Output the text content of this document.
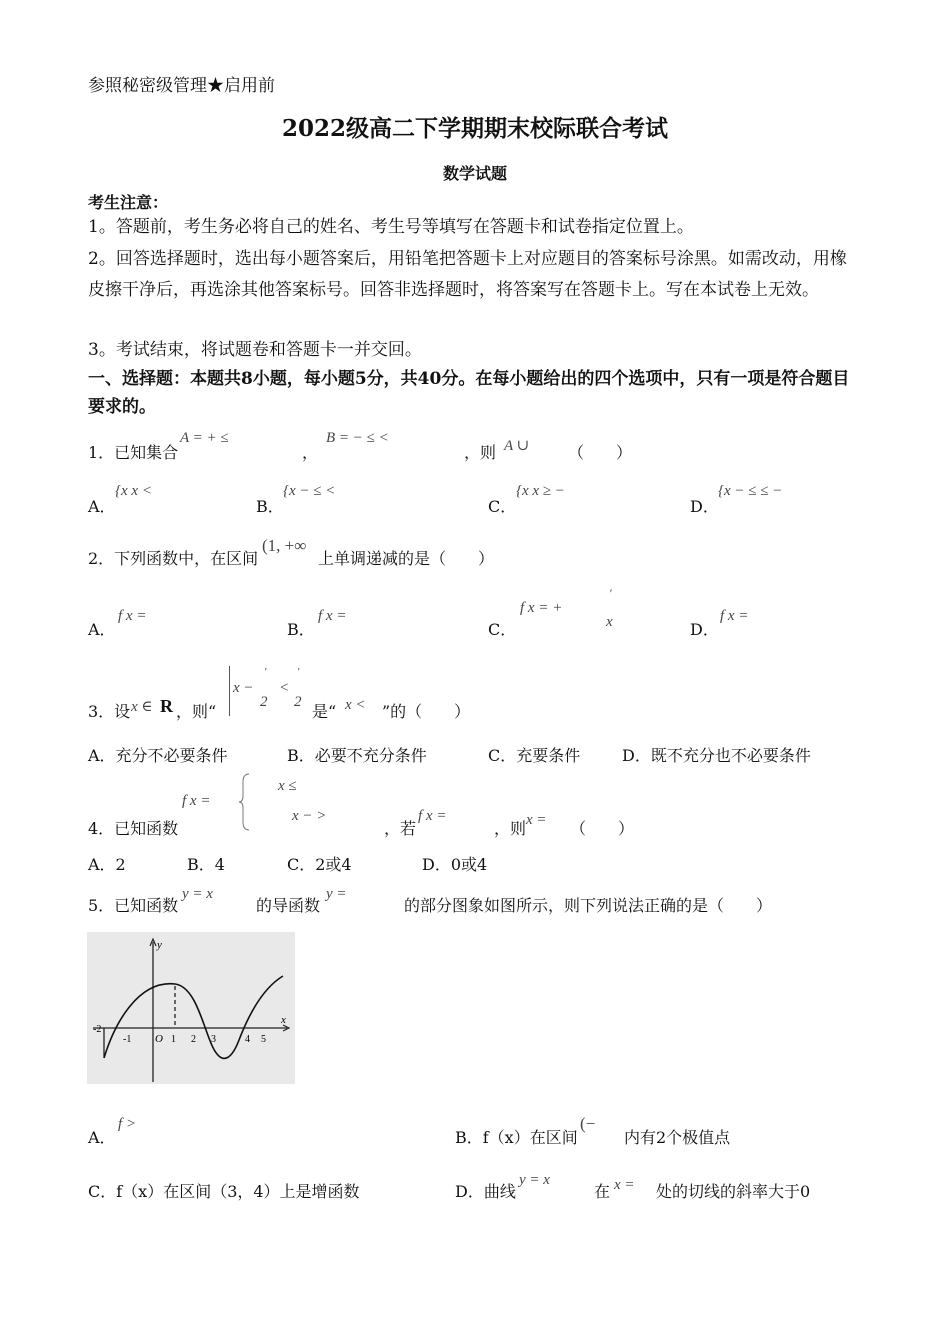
参照秘密级管理★启用前
2022级高二下学期期末校际联合考试
数学试题
考生注意：
1。答题前，考生务必将自己的姓名、考生号等填写在答题卡和试卷指定位置上。
2。回答选择题时，选出每小题答案后，用铅笔把答题卡上对应题目的答案标号涂黑。如需改动，用橡皮擦干净后，再选涂其他答案标号。回答非选择题时，将答案写在答题卡上。写在本试卷上无效。
3。考试结束，将试题卷和答题卡一并交回。
一、选择题：本题共8小题，每小题5分，共40分。在每小题给出的四个选项中，只有一项是符合题目要求的。
1．已知集合
A = + ≤
，
B = − ≤ <
，则 A ∪ （　　）
A．
{x x <
B．
{x − ≤ <
C．
{x x ≥ −
D．
{x − ≤ ≤ −
2．下列函数中，在区间
(1, +∞
上单调递减的是（　　）
A．
f x =
B．
f x =
C．
f x = +
'
x	D．
f x =
3．设 x ∈ R ，则“
x −
'
2
<
'
2 是“ x < ”的（　　）
A．充分不必要条件	B．必要不充分条件	C．充要条件	D．既不充分也不必要条件
4．已知函数
f x =
x ≤
x − >
，若
f x =
，则 x = （　　）
A．2	B．4	C．2或4	D．0或4
5．已知函数
y = x
的导函数
y =
的部分图象如图所示，则下列说法正确的是（　　）
y
x
O
-2
-1	1 2 3	4 5
A．
f >
B．f（x）在区间
(−
内有2个极值点
C．f（x）在区间（3，4）上是增函数	D．曲线
y = x
在 x = 处的切线的斜率大于0
